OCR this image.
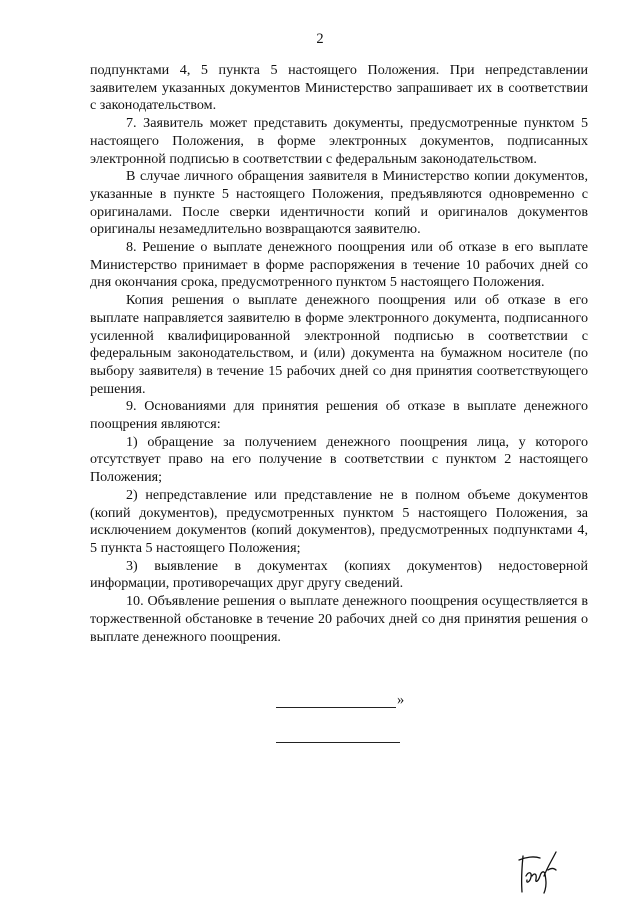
2

подпунктами 4, 5 пункта 5 настоящего Положения. При непредставлении заявителем указанных документов Министерство запрашивает их в соответствии с законодательством.

7. Заявитель может представить документы, предусмотренные пунктом 5 настоящего Положения, в форме электронных документов, подписанных электронной подписью в соответствии с федеральным законодательством.

В случае личного обращения заявителя в Министерство копии документов, указанные в пункте 5 настоящего Положения, предъявляются одновременно с оригиналами. После сверки идентичности копий и оригиналов документов оригиналы незамедлительно возвращаются заявителю.

8. Решение о выплате денежного поощрения или об отказе в его выплате Министерство принимает в форме распоряжения в течение 10 рабочих дней со дня окончания срока, предусмотренного пунктом 5 настоящего Положения.

Копия решения о выплате денежного поощрения или об отказе в его выплате направляется заявителю в форме электронного документа, подписанного усиленной квалифицированной электронной подписью в соответствии с федеральным законодательством, и (или) документа на бумажном носителе (по выбору заявителя) в течение 15 рабочих дней со дня принятия соответствующего решения.

9. Основаниями для принятия решения об отказе в выплате денежного поощрения являются:

1) обращение за получением денежного поощрения лица, у которого отсутствует право на его получение в соответствии с пунктом 2 настоящего Положения;

2) непредставление или представление не в полном объеме документов (копий документов), предусмотренных пунктом 5 настоящего Положения, за исключением документов (копий документов), предусмотренных подпунктами 4, 5 пункта 5 настоящего Положения;

3) выявление в документах (копиях документов) недостоверной информации, противоречащих друг другу сведений.

10. Объявление решения о выплате денежного поощрения осуществляется в торжественной обстановке в течение 20 рабочих дней со дня принятия решения о выплате денежного поощрения.

»
